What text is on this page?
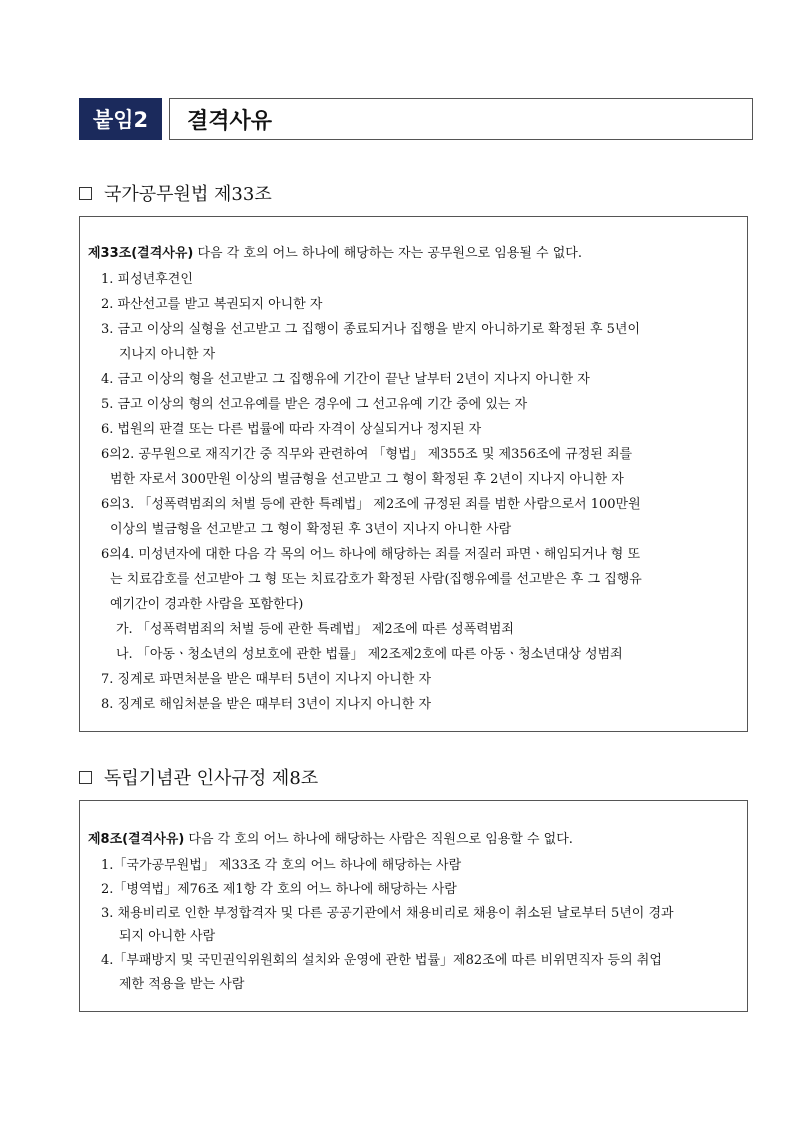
붙임2	결격사유
국가공무원법 제33조
제33조(결격사유) 다음 각 호의 어느 하나에 해당하는 자는 공무원으로 임용될 수 없다.
1. 피성년후견인
2. 파산선고를 받고 복권되지 아니한 자
3. 금고 이상의 실형을 선고받고 그 집행이 종료되거나 집행을 받지 아니하기로 확정된 후 5년이
지나지 아니한 자
4. 금고 이상의 형을 선고받고 그 집행유에 기간이 끝난 날부터 2년이 지나지 아니한 자
5. 금고 이상의 형의 선고유예를 받은 경우에 그 선고유예 기간 중에 있는 자
6. 법원의 판결 또는 다른 법률에 따라 자격이 상실되거나 정지된 자
6의2. 공무원으로 재직기간 중 직무와 관련하여 「형법」 제355조 및 제356조에 규정된 죄를
범한 자로서 300만원 이상의 벌금형을 선고받고 그 형이 확정된 후 2년이 지나지 아니한 자
6의3. 「성폭력범죄의 처벌 등에 관한 특례법」 제2조에 규정된 죄를 범한 사람으로서 100만원
이상의 벌금형을 선고받고 그 형이 확정된 후 3년이 지나지 아니한 사람
6의4. 미성년자에 대한 다음 각 목의 어느 하나에 해당하는 죄를 저질러 파면ㆍ해임되거나 형 또
는 치료감호를 선고받아 그 형 또는 치료감호가 확정된 사람(집행유예를 선고받은 후 그 집행유
예기간이 경과한 사람을 포함한다)
가. 「성폭력범죄의 처벌 등에 관한 특례법」 제2조에 따른 성폭력범죄
나. 「아동ㆍ청소년의 성보호에 관한 법률」 제2조제2호에 따른 아동ㆍ청소년대상 성범죄
7. 징계로 파면처분을 받은 때부터 5년이 지나지 아니한 자
8. 징계로 해임처분을 받은 때부터 3년이 지나지 아니한 자
독립기념관 인사규정 제8조
제8조(결격사유) 다음 각 호의 어느 하나에 해당하는 사람은 직원으로 임용할 수 없다.
1.「국가공무원법」 제33조 각 호의 어느 하나에 해당하는 사람
2.「병역법」제76조 제1항 각 호의 어느 하나에 해당하는 사람
3. 채용비리로 인한 부정합격자 및 다른 공공기관에서 채용비리로 채용이 취소된 날로부터 5년이 경과
되지 아니한 사람
4.「부패방지 및 국민권익위원회의 설치와 운영에 관한 법률」제82조에 따른 비위면직자 등의 취업
제한 적용을 받는 사람
